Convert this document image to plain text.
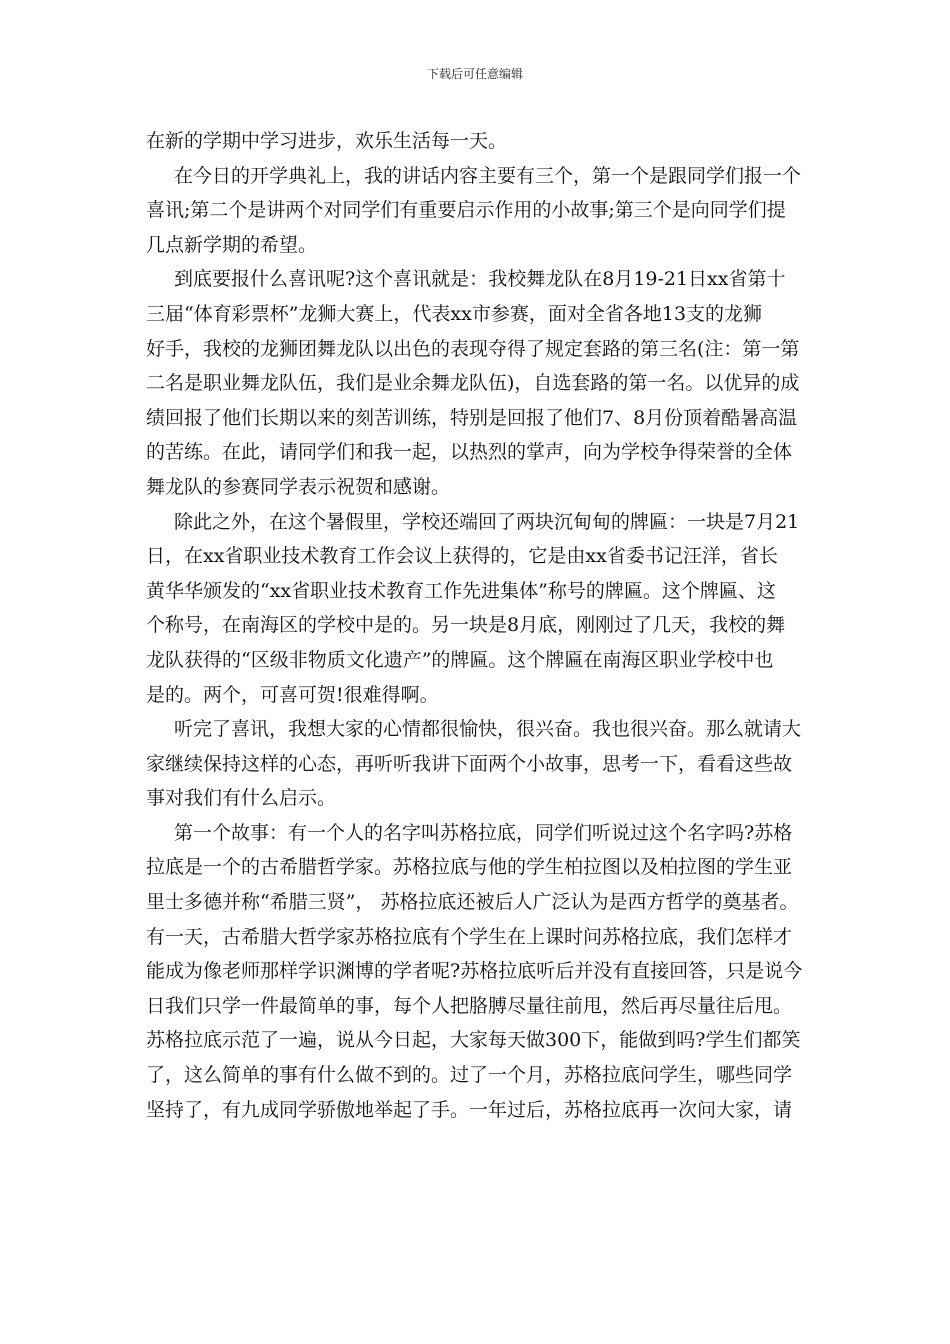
下载后可任意编辑
在新的学期中学习进步，欢乐生活每一天。
在今日的开学典礼上，我的讲话内容主要有三个，第一个是跟同学们报一个
喜讯;第二个是讲两个对同学们有重要启示作用的小故事;第三个是向同学们提
几点新学期的希望。
到底要报什么喜讯呢?这个喜讯就是：我校舞龙队在8月19-21日xx省第十
三届“体育彩票杯”龙狮大赛上，代表xx市参赛，面对全省各地13支的龙狮
好手，我校的龙狮团舞龙队以出色的表现夺得了规定套路的第三名(注：第一第
二名是职业舞龙队伍，我们是业余舞龙队伍)，自选套路的第一名。以优异的成
绩回报了他们长期以来的刻苦训练，特别是回报了他们7、8月份顶着酷暑高温
的苦练。在此，请同学们和我一起，以热烈的掌声，向为学校争得荣誉的全体
舞龙队的参赛同学表示祝贺和感谢。
除此之外，在这个暑假里，学校还端回了两块沉甸甸的牌匾：一块是7月21
日，在xx省职业技术教育工作会议上获得的，它是由xx省委书记汪洋，省长
黄华华颁发的“xx省职业技术教育工作先进集体”称号的牌匾。这个牌匾、这
个称号，在南海区的学校中是的。另一块是8月底，刚刚过了几天，我校的舞
龙队获得的“区级非物质文化遗产”的牌匾。这个牌匾在南海区职业学校中也
是的。两个，可喜可贺!很难得啊。
听完了喜讯，我想大家的心情都很愉快，很兴奋。我也很兴奋。那么就请大
家继续保持这样的心态，再听听我讲下面两个小故事，思考一下，看看这些故
事对我们有什么启示。
第一个故事：有一个人的名字叫苏格拉底，同学们听说过这个名字吗?苏格
拉底是一个的古希腊哲学家。苏格拉底与他的学生柏拉图以及柏拉图的学生亚
里士多德并称“希腊三贤”， 苏格拉底还被后人广泛认为是西方哲学的奠基者。
有一天，古希腊大哲学家苏格拉底有个学生在上课时问苏格拉底，我们怎样才
能成为像老师那样学识渊博的学者呢?苏格拉底听后并没有直接回答，只是说今
日我们只学一件最简单的事，每个人把胳膊尽量往前甩，然后再尽量往后甩。
苏格拉底示范了一遍，说从今日起，大家每天做300下，能做到吗?学生们都笑
了，这么简单的事有什么做不到的。过了一个月，苏格拉底问学生，哪些同学
坚持了，有九成同学骄傲地举起了手。一年过后，苏格拉底再一次问大家，请
